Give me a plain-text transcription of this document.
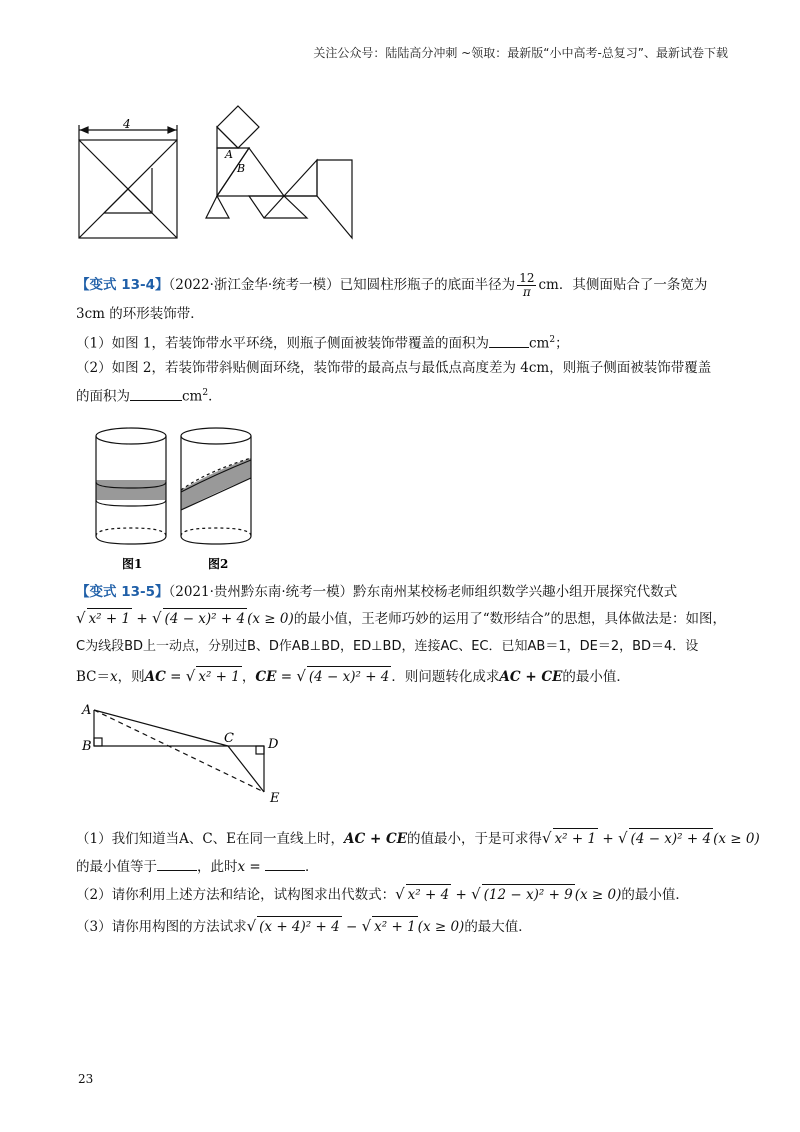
关注公众号：陆陆高分冲刺 ~领取：最新版“小中高考-总复习”、最新试卷下载
4
A
B
【变式 13-4】（2022·浙江金华·统考一模）已知圆柱形瓶子的底面半径为 $\frac{12}{\pi}$ cm．其侧面贴合了一条宽为
3cm 的环形装饰带．
（1）如图 1，若装饰带水平环绕，则瓶子侧面被装饰带覆盖的面积为	$cm^2$；
（2）如图 2，若装饰带斜贴侧面环绕，装饰带的最高点与最低点高度差为 4cm，则瓶子侧面被装饰带覆盖
的面积为	$cm^2$．
图1	图2
【变式 13-5】（2021·贵州黔东南·统考一模）黔东南州某校杨老师组织数学兴趣小组开展探究代数式
√ x² + 1 + √ (4 − x)² + 4 (x ≥ 0)的最小值，王老师巧妙的运用了“数形结合”的思想，具体做法是：如图，
C为线段BD上一动点，分别过B、D作AB⊥BD，ED⊥BD，连接AC、EC．已知AB＝1，DE＝2，BD＝4．设
BC＝x，则AC = √ x² + 1 ，CE = √ (4 − x)² + 4 ．则问题转化成求AC + CE的最小值．
A
B
C	D
E
（1）我们知道当A、C、E在同一直线上时，AC + CE的值最小，于是可求得√ x² + 1 + √ (4 − x)² + 4 (x ≥ 0)
的最小值等于	，此时x =	．
（2）请你利用上述方法和结论，试构图求出代数式：√ x² + 4 + √ (12 − x)² + 9 (x ≥ 0)的最小值．
（3）请你用构图的方法试求√ (x + 4)² + 4 − √ x² + 1 (x ≥ 0)的最大值．
23
